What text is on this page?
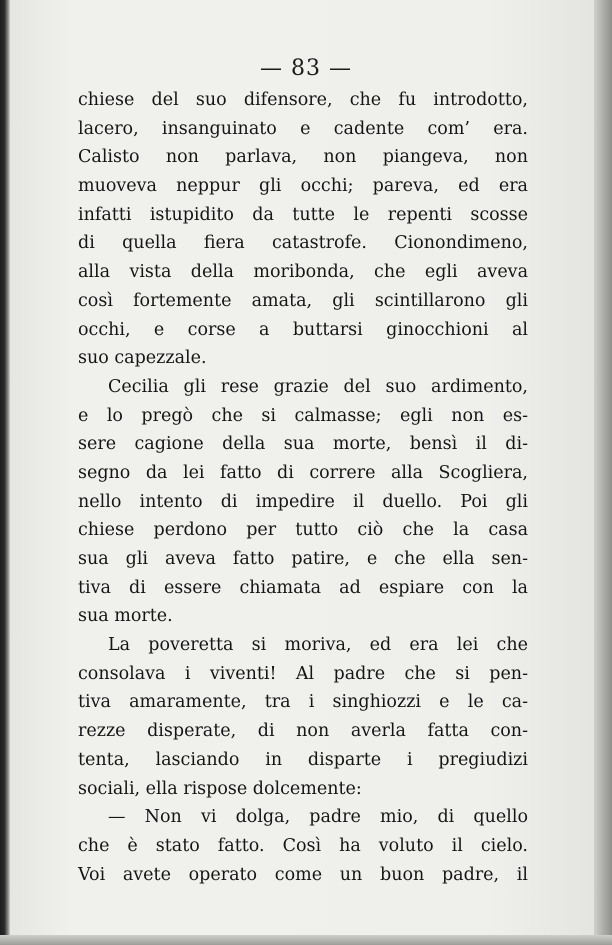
— 83 —
chiese del suo difensore, che fu introdotto,
lacero, insanguinato e cadente com’ era.
Calisto non parlava, non piangeva, non
muoveva neppur gli occhi; pareva, ed era
infatti istupidito da tutte le repenti scosse
di quella fiera catastrofe. Cionondimeno,
alla vista della moribonda, che egli aveva
così fortemente amata, gli scintillarono gli
occhi, e corse a buttarsi ginocchioni al
suo capezzale.
Cecilia gli rese grazie del suo ardimento,
e lo pregò che si calmasse; egli non es-
sere cagione della sua morte, bensì il di-
segno da lei fatto di correre alla Scogliera,
nello intento di impedire il duello. Poi gli
chiese perdono per tutto ciò che la casa
sua gli aveva fatto patire, e che ella sen-
tiva di essere chiamata ad espiare con la
sua morte.
La poveretta si moriva, ed era lei che
consolava i viventi! Al padre che si pen-
tiva amaramente, tra i singhiozzi e le ca-
rezze disperate, di non averla fatta con-
tenta, lasciando in disparte i pregiudizi
sociali, ella rispose dolcemente:
— Non vi dolga, padre mio, di quello
che è stato fatto. Così ha voluto il cielo.
Voi avete operato come un buon padre, il
